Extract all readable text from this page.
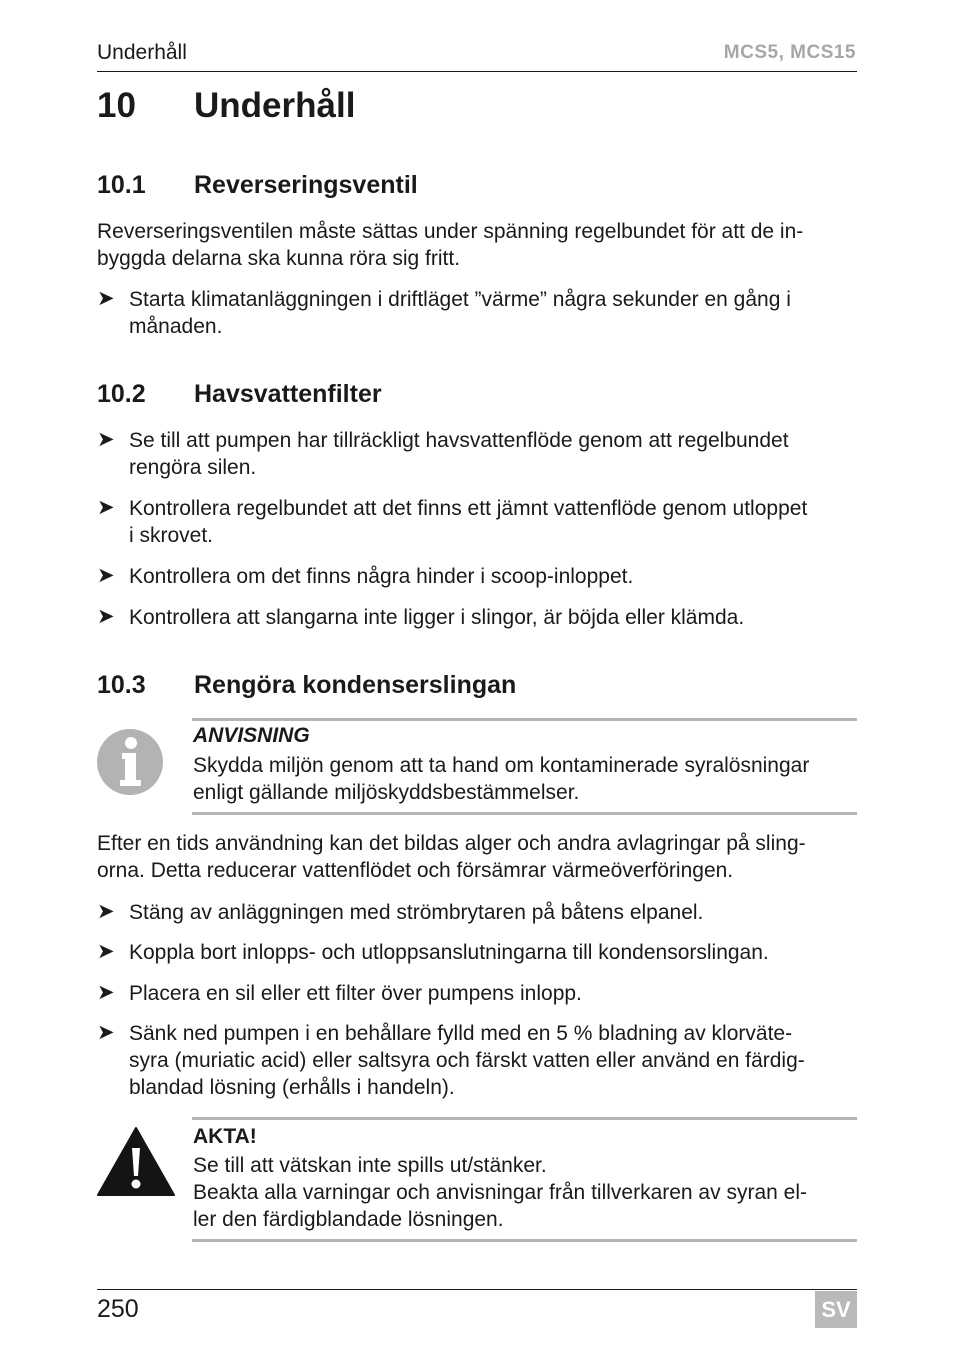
Underhåll	MCS5, MCS15
10 Underhåll
10.1 Reverseringsventil
Reverseringsventilen måste sättas under spänning regelbundet för att de in-
byggda delarna ska kunna röra sig fritt.
➤ Starta klimatanläggningen i driftläget ”värme” några sekunder en gång i
månaden.
10.2 Havsvattenfilter
➤ Se till att pumpen har tillräckligt havsvattenflöde genom att regelbundet
rengöra silen.
➤ Kontrollera regelbundet att det finns ett jämnt vattenflöde genom utloppet
i skrovet.
➤ Kontrollera om det finns några hinder i scoop-inloppet.
➤ Kontrollera att slangarna inte ligger i slingor, är böjda eller klämda.
10.3 Rengöra kondenserslingan
ANVISNING
Skydda miljön genom att ta hand om kontaminerade syralösningar
enligt gällande miljöskyddsbestämmelser.
Efter en tids användning kan det bildas alger och andra avlagringar på sling-
orna. Detta reducerar vattenflödet och försämrar värmeöverföringen.
➤ Stäng av anläggningen med strömbrytaren på båtens elpanel.
➤ Koppla bort inlopps- och utloppsanslutningarna till kondensorslingan.
➤ Placera en sil eller ett filter över pumpens inlopp.
➤ Sänk ned pumpen i en behållare fylld med en 5 % bladning av klorväte-
syra (muriatic acid) eller saltsyra och färskt vatten eller använd en färdig-
blandad lösning (erhålls i handeln).
AKTA!
Se till att vätskan inte spills ut/stänker.
Beakta alla varningar och anvisningar från tillverkaren av syran el-
ler den färdigblandade lösningen.
250	SV
